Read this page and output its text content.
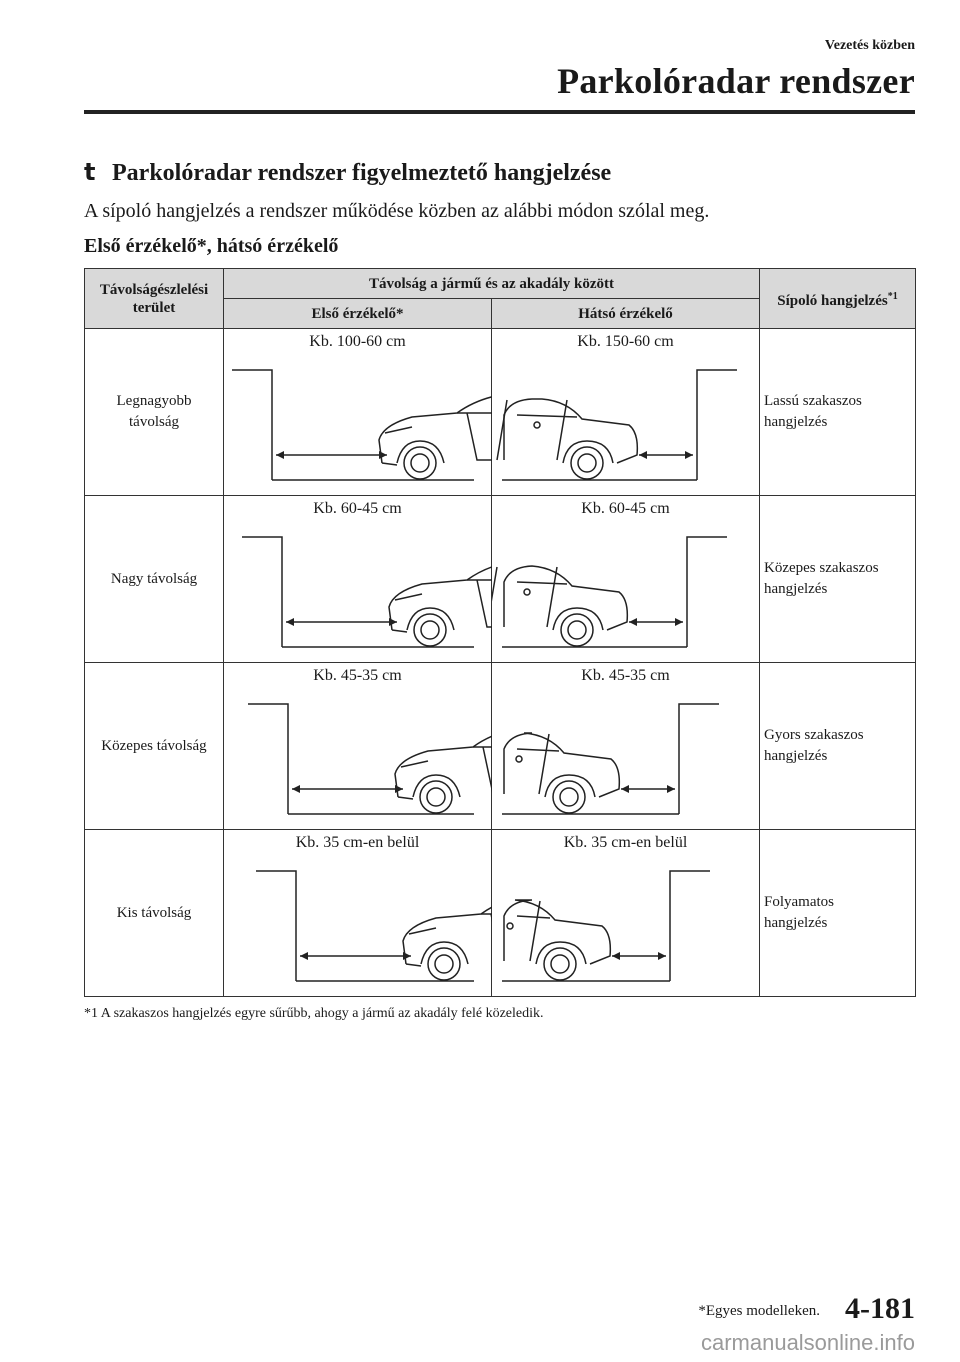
Vezetés közben
Parkolóradar rendszer
t Parkolóradar rendszer figyelmeztető hangjelzése
A sípoló hangjelzés a rendszer működése közben az alábbi módon szólal meg.
Első érzékelő*, hátsó érzékelő
Távolságészlelési terület	Távolság a jármű és az akadály között		Sípoló hangjelzés$^{*1}$
	Első érzékelő*	Hátsó érzékelő	

Legnagyobb távolság	Kb. 100-60 cm	Kb. 150-60 cm	Lassú szakaszos hangjelzés

Nagy távolság	Kb. 60-45 cm	Kb. 60-45 cm	Közepes szakaszos hangjelzés

Közepes távolság	Kb. 45-35 cm	Kb. 45-35 cm	Gyors szakaszos hangjelzés

Kis távolság	Kb. 35 cm-en belül	Kb. 35 cm-en belül	Folyamatos hangjelzés
*1 A szakaszos hangjelzés egyre sűrűbb, ahogy a jármű az akadály felé közeledik.
*Egyes modelleken. 4-181
carmanualsonline.info
